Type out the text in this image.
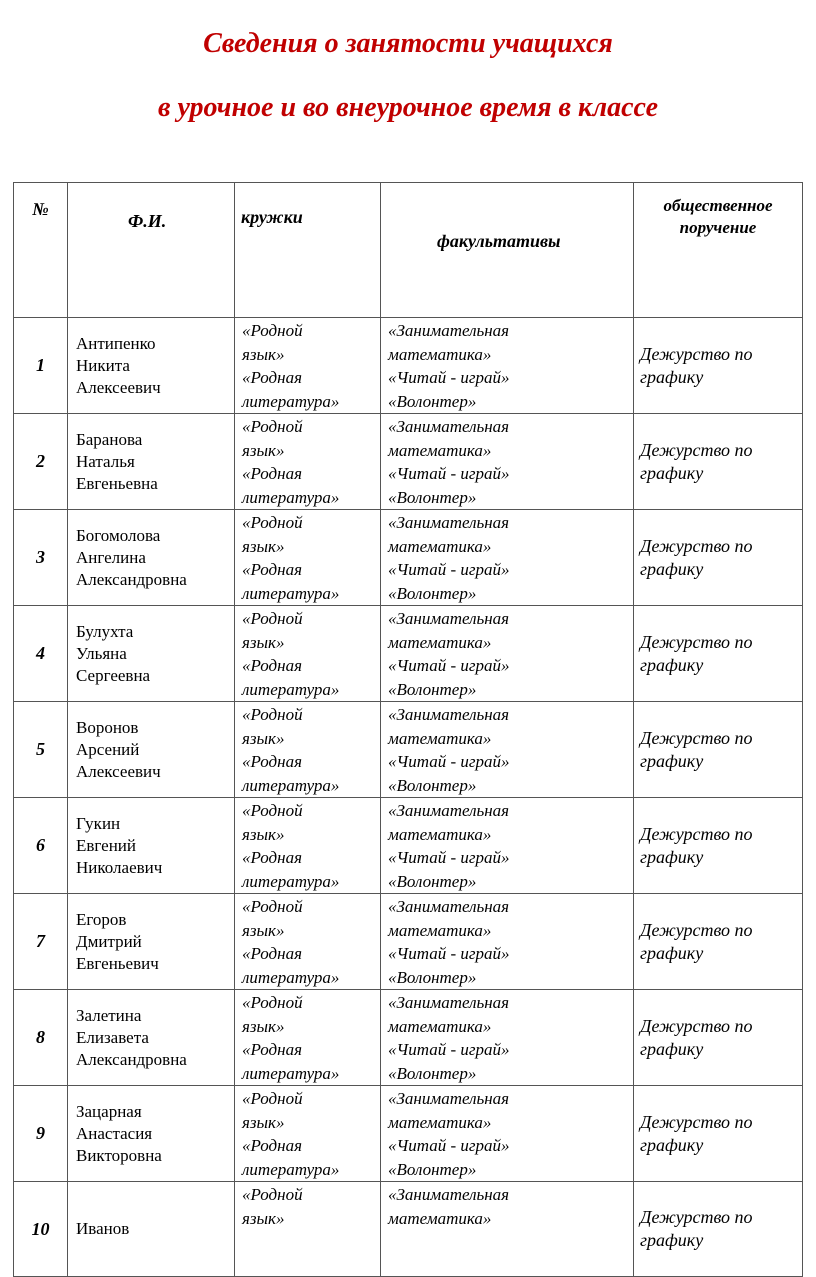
Сведения о занятости учащихся
в урочное и во внеурочное время в классе
№	Ф.И.	кружки	факультативы	общественное
поручение

1	Антипенко
Никита
Алексеевич	«Родной
язык»
«Родная
литература»	«Занимательная
математика»
«Читай - играй»
«Волонтер»	Дежурство по
графику

2	Баранова
Наталья
Евгеньевна	«Родной
язык»
«Родная
литература»	«Занимательная
математика»
«Читай - играй»
«Волонтер»	Дежурство по
графику

3	Богомолова
Ангелина
Александровна	«Родной
язык»
«Родная
литература»	«Занимательная
математика»
«Читай - играй»
«Волонтер»	Дежурство по
графику

4	Булухта
Ульяна
Сергеевна	«Родной
язык»
«Родная
литература»	«Занимательная
математика»
«Читай - играй»
«Волонтер»	Дежурство по
графику

5	Воронов
Арсений
Алексеевич	«Родной
язык»
«Родная
литература»	«Занимательная
математика»
«Читай - играй»
«Волонтер»	Дежурство по
графику

6	Гукин
Евгений
Николаевич	«Родной
язык»
«Родная
литература»	«Занимательная
математика»
«Читай - играй»
«Волонтер»	Дежурство по
графику

7	Егоров
Дмитрий
Евгеньевич	«Родной
язык»
«Родная
литература»	«Занимательная
математика»
«Читай - играй»
«Волонтер»	Дежурство по
графику

8	Залетина
Елизавета
Александровна	«Родной
язык»
«Родная
литература»	«Занимательная
математика»
«Читай - играй»
«Волонтер»	Дежурство по
графику

9	Зацарная
Анастасия
Викторовна	«Родной
язык»
«Родная
литература»	«Занимательная
математика»
«Читай - играй»
«Волонтер»	Дежурство по
графику

10	Иванов	«Родной
язык»	«Занимательная
математика»	Дежурство по
графику
